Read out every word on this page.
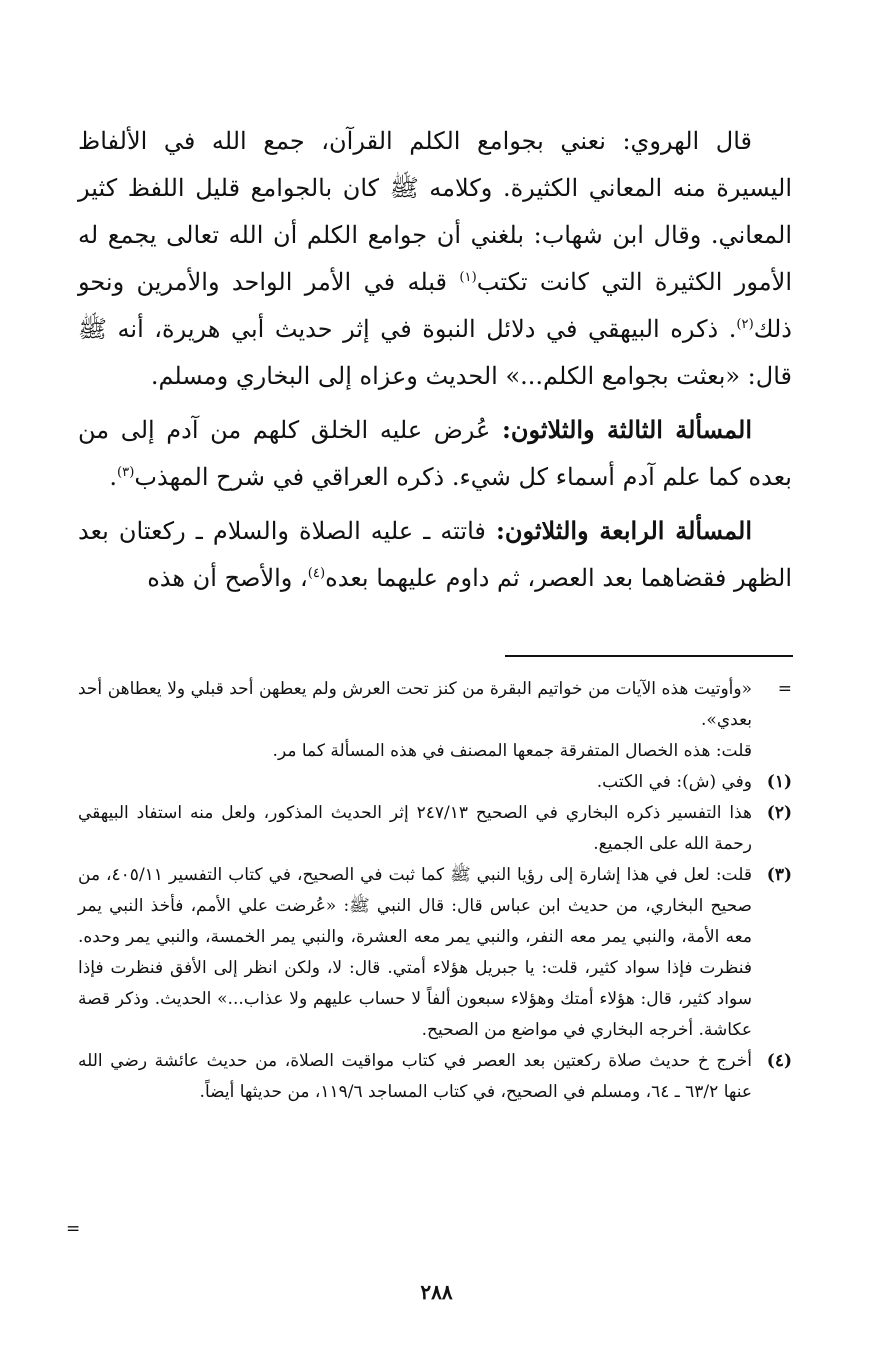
قال الهروي: نعني بجوامع الكلم القرآن، جمع الله في الألفاظ اليسيرة منه المعاني الكثيرة. وكلامه ﷺ كان بالجوامع قليل اللفظ كثير المعاني. وقال ابن شهاب: بلغني أن جوامع الكلم أن الله تعالى يجمع له الأمور الكثيرة التي كانت تكتب$^{(١)}$ قبله في الأمر الواحد والأمرين ونحو ذلك$^{(٢)}$. ذكره البيهقي في دلائل النبوة في إثر حديث أبي هريرة، أنه ﷺ قال: «بعثت بجوامع الكلم...» الحديث وعزاه إلى البخاري ومسلم.

المسألة الثالثة والثلاثون: عُرض عليه الخلق كلهم من آدم إلى من بعده كما علم آدم أسماء كل شيء. ذكره العراقي في شرح المهذب$^{(٣)}$.

المسألة الرابعة والثلاثون: فاتته ـ عليه الصلاة والسلام ـ ركعتان بعد الظهر فقضاهما بعد العصر، ثم داوم عليهما بعده$^{(٤)}$، والأصح أن هذه

=
«وأوتيت هذه الآيات من خواتيم البقرة من كنز تحت العرش ولم يعطهن أحد قبلي ولا يعطاهن أحد بعدي».

قلت: هذه الخصال المتفرقة جمعها المصنف في هذه المسألة كما مر.

(١)
وفي (ش): في الكتب.

(٢)
هذا التفسير ذكره البخاري في الصحيح ٢٤٧/١٣ إثر الحديث المذكور، ولعل منه استفاد البيهقي رحمة الله على الجميع.

(٣)
قلت: لعل في هذا إشارة إلى رؤيا النبي ﷺ كما ثبت في الصحيح، في كتاب التفسير ٤٠٥/١١، من صحيح البخاري، من حديث ابن عباس قال: قال النبي ﷺ: «عُرضت علي الأمم، فأخذ النبي يمر معه الأمة، والنبي يمر معه النفر، والنبي يمر معه العشرة، والنبي يمر الخمسة، والنبي يمر وحده. فنظرت فإذا سواد كثير، قلت: يا جبريل هؤلاء أمتي. قال: لا، ولكن انظر إلى الأفق فنظرت فإذا سواد كثير، قال: هؤلاء أمتك وهؤلاء سبعون ألفاً لا حساب عليهم ولا عذاب...» الحديث. وذكر قصة عكاشة. أخرجه البخاري في مواضع من الصحيح.

(٤)
أخرج خ حديث صلاة ركعتين بعد العصر في كتاب مواقيت الصلاة، من حديث عائشة رضي الله عنها ٦٣/٢ ـ ٦٤، ومسلم في الصحيح، في كتاب المساجد ١١٩/٦، من حديثها أيضاً.

=
٢٨٨
